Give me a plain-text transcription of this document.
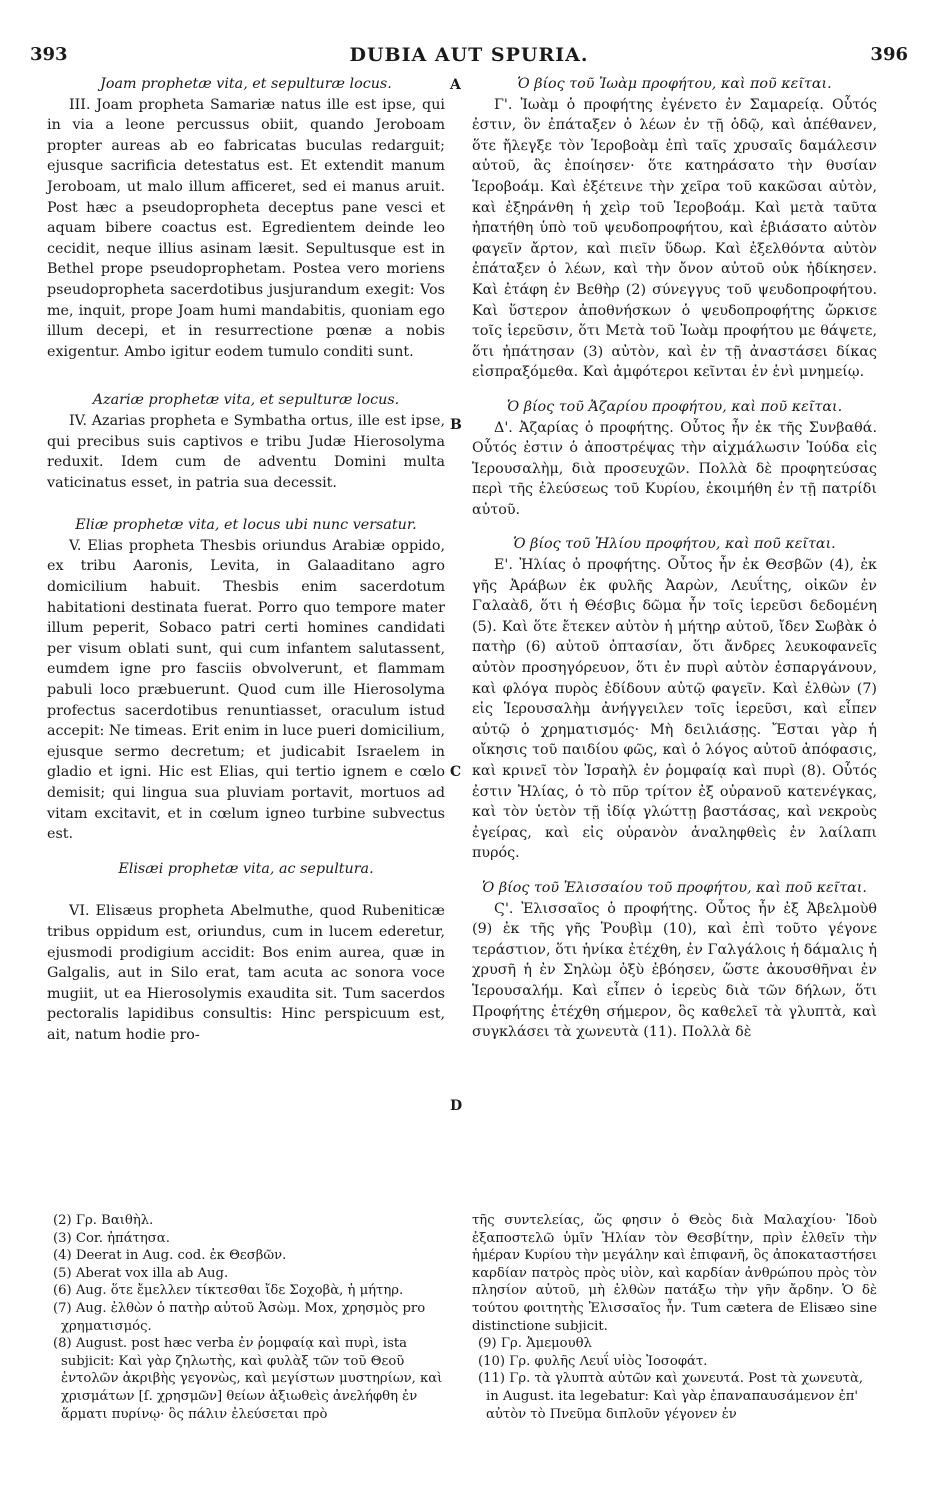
393	DUBIA AUT SPURIA.	396
A
B
C
D
Joam prophetæ vita, et sepulturæ locus.

III. Joam propheta Samariæ natus ille est ipse, qui in via a leone percussus obiit, quando Jeroboam propter aureas ab eo fabricatas buculas redarguit; ejusque sacrificia detestatus est. Et extendit manum Jeroboam, ut malo illum afficeret, sed ei manus aruit. Post hæc a pseudopropheta deceptus pane vesci et aquam bibere coactus est. Egredientem deinde leo cecidit, neque illius asinam læsit. Sepultusque est in Bethel prope pseudoprophetam. Postea vero moriens pseudopropheta sacerdotibus jusjurandum exegit: Vos me, inquit, prope Joam humi mandabitis, quoniam ego illum decepi, et in resurrectione pœnæ a nobis exigentur. Ambo igitur eodem tumulo conditi sunt.

Azariæ prophetæ vita, et sepulturæ locus.

IV. Azarias propheta e Symbatha ortus, ille est ipse, qui precibus suis captivos e tribu Judæ Hierosolyma reduxit. Idem cum de adventu Domini multa vaticinatus esset, in patria sua decessit.

Eliæ prophetæ vita, et locus ubi nunc versatur.

V. Elias propheta Thesbis oriundus Arabiæ oppido, ex tribu Aaronis, Levita, in Galaaditano agro domicilium habuit. Thesbis enim sacerdotum habitationi destinata fuerat. Porro quo tempore mater illum peperit, Sobaco patri certi homines candidati per visum oblati sunt, qui cum infantem salutassent, eumdem igne pro fasciis obvolverunt, et flammam pabuli loco præbuerunt. Quod cum ille Hierosolyma profectus sacerdotibus renuntiasset, oraculum istud accepit: Ne timeas. Erit enim in luce pueri domicilium, ejusque sermo decretum; et judicabit Israelem in gladio et igni. Hic est Elias, qui tertio ignem e cœlo demisit; qui lingua sua pluviam portavit, mortuos ad vitam excitavit, et in cœlum igneo turbine subvectus est.

Elisæi prophetæ vita, ac sepultura.

VI. Elisæus propheta Abelmuthe, quod Rubeniticæ tribus oppidum est, oriundus, cum in lucem ederetur, ejusmodi prodigium accidit: Bos enim aurea, quæ in Galgalis, aut in Silo erat, tam acuta ac sonora voce mugiit, ut ea Hierosolymis exaudita sit. Tum sacerdos pectoralis lapidibus consultis: Hinc perspicuum est, ait, natum hodie pro-

Ὁ βίος τοῦ Ἰωὰμ προφήτου, καὶ ποῦ κεῖται.

Γ'. Ἰωὰμ ὁ προφήτης ἐγένετο ἐν Σαμαρείᾳ. Οὗτός ἐστιν, ὃν ἐπάταξεν ὁ λέων ἐν τῇ ὁδῷ, καὶ ἀπέθανεν, ὅτε ἤλεγξε τὸν Ἱεροβοὰμ ἐπὶ ταῖς χρυσαῖς δαμάλεσιν αὐτοῦ, ἃς ἐποίησεν· ὅτε κατηράσατο τὴν θυσίαν Ἱεροβοάμ. Καὶ ἐξέτεινε τὴν χεῖρα τοῦ κακῶσαι αὐτὸν, καὶ ἐξηράνθη ἡ χεὶρ τοῦ Ἱεροβοάμ. Καὶ μετὰ ταῦτα ἠπατήθη ὑπὸ τοῦ ψευδοπροφήτου, καὶ ἐβιάσατο αὐτὸν φαγεῖν ἄρτον, καὶ πιεῖν ὕδωρ. Καὶ ἐξελθόντα αὐτὸν ἐπάταξεν ὁ λέων, καὶ τὴν ὄνον αὐτοῦ οὐκ ἠδίκησεν. Καὶ ἐτάφη ἐν Βεθὴρ (2) σύνεγγυς τοῦ ψευδοπροφήτου. Καὶ ὕστερον ἀποθνήσκων ὁ ψευδοπροφήτης ὤρκισε τοῖς ἱερεῦσιν, ὅτι Μετὰ τοῦ Ἰωὰμ προφήτου με θάψετε, ὅτι ἠπάτησαν (3) αὐτὸν, καὶ ἐν τῇ ἀναστάσει δίκας εἰσπραξόμεθα. Καὶ ἀμφότεροι κεῖνται ἐν ἑνὶ μνημείῳ.

Ὁ βίος τοῦ Ἀζαρίου προφήτου, καὶ ποῦ κεῖται.

Δ'. Ἀζαρίας ὁ προφήτης. Οὗτος ἦν ἐκ τῆς Συνβαθά. Οὗτός ἐστιν ὁ ἀποστρέψας τὴν αἰχμάλωσιν Ἰούδα εἰς Ἱερουσαλὴμ, διὰ προσευχῶν. Πολλὰ δὲ προφητεύσας περὶ τῆς ἐλεύσεως τοῦ Κυρίου, ἐκοιμήθη ἐν τῇ πατρίδι αὐτοῦ.

Ὁ βίος τοῦ Ἠλίου προφήτου, καὶ ποῦ κεῖται.

Ε'. Ἠλίας ὁ προφήτης. Οὗτος ἦν ἐκ Θεσβῶν (4), ἐκ γῆς Ἀράβων ἐκ φυλῆς Ἀαρὼν, Λευΐτης, οἰκῶν ἐν Γαλαὰδ, ὅτι ἡ Θέσβις δῶμα ἦν τοῖς ἱερεῦσι δεδομένη (5). Καὶ ὅτε ἔτεκεν αὐτὸν ἡ μήτηρ αὐτοῦ, ἴδεν Σωβὰκ ὁ πατὴρ (6) αὐτοῦ ὀπτασίαν, ὅτι ἄνδρες λευκοφανεῖς αὐτὸν προσηγόρευον, ὅτι ἐν πυρὶ αὐτὸν ἐσπαργάνουν, καὶ φλόγα πυρὸς ἐδίδουν αὐτῷ φαγεῖν. Καὶ ἐλθὼν (7) εἰς Ἱερουσαλὴμ ἀνήγγειλεν τοῖς ἱερεῦσι, καὶ εἶπεν αὐτῷ ὁ χρηματισμός· Μὴ δειλιάσῃς. Ἔσται γὰρ ἡ οἴκησις τοῦ παιδίου φῶς, καὶ ὁ λόγος αὐτοῦ ἀπόφασις, καὶ κρινεῖ τὸν Ἰσραὴλ ἐν ῥομφαίᾳ καὶ πυρὶ (8). Οὗτός ἐστιν Ἠλίας, ὁ τὸ πῦρ τρίτον ἐξ οὐρανοῦ κατενέγκας, καὶ τὸν ὑετὸν τῇ ἰδίᾳ γλώττῃ βαστάσας, καὶ νεκροὺς ἐγείρας, καὶ εἰς οὐρανὸν ἀναληφθεὶς ἐν λαίλαπι πυρός.

Ὁ βίος τοῦ Ἐλισσαίου τοῦ προφήτου, καὶ ποῦ κεῖται.

Ϛ'. Ἐλισσαῖος ὁ προφήτης. Οὗτος ἦν ἐξ Ἀβελμοὺθ (9) ἐκ τῆς γῆς Ῥουβὶμ (10), καὶ ἐπὶ τοῦτο γέγονε τεράστιον, ὅτι ἡνίκα ἐτέχθη, ἐν Γαλγάλοις ἡ δάμαλις ἡ χρυσῆ ἡ ἐν Σηλὼμ ὀξὺ ἐβόησεν, ὥστε ἀκουσθῆναι ἐν Ἱερουσαλήμ. Καὶ εἶπεν ὁ ἱερεὺς διὰ τῶν δήλων, ὅτι Προφήτης ἐτέχθη σήμερον, ὃς καθελεῖ τὰ γλυπτὰ, καὶ συγκλάσει τὰ χωνευτὰ (11). Πολλὰ δὲ

(2) Γρ. Βαιθὴλ.
(3) Cor. ἠπάτησα.
(4) Deerat in Aug. cod. ἐκ Θεσβῶν.
(5) Aberat vox illa ab Aug.
(6) Aug. ὅτε ἔμελλεν τίκτεσθαι ἴδε Σοχοβὰ, ἡ μήτηρ.
(7) Aug. ἐλθὼν ὁ πατὴρ αὐτοῦ Ἀσὼμ. Mox, χρησμὸς pro χρηματισμός.
(8) August. post hæc verba ἐν ῥομφαίᾳ καὶ πυρὶ, ista subjicit: Καὶ γὰρ ζηλωτὴς, καὶ φυλὰξ τῶν τοῦ Θεοῦ ἐντολῶν ἀκριβὴς γεγονὼς, καὶ μεγίστων μυστηρίων, καὶ χρισμάτων [ſ. χρησμῶν] θείων ἀξιωθεὶς ἀνελήφθη ἐν ἅρματι πυρίνῳ· ὃς πάλιν ἐλεύσεται πρὸ
τῆς συντελείας, ὥς φησιν ὁ Θεὸς διὰ Μαλαχίου· Ἰδοὺ ἐξαποστελῶ ὑμῖν Ἠλίαν τὸν Θεσβίτην, πρὶν ἐλθεῖν τὴν ἡμέραν Κυρίου τὴν μεγάλην καὶ ἐπιφανῆ, ὃς ἀποκαταστήσει καρδίαν πατρὸς πρὸς υἱὸν, καὶ καρδίαν ἀνθρώπου πρὸς τὸν πλησίον αὐτοῦ, μὴ ἐλθὼν πατάξω τὴν γῆν ἄρδην. Ὁ δὲ τούτου φοιτητὴς Ἐλισσαῖος ἦν. Tum cætera de Elisæo sine distinctione subjicit.
(9) Γρ. Ἀμεμουθλ
(10) Γρ. φυλῆς Λευΐ υἱὸς Ἰοσοφάτ.
(11) Γρ. τὰ γλυπτὰ αὐτῶν καὶ χωνευτά. Post τὰ χωνευτὰ, in August. ita legebatur: Καὶ γὰρ ἐπαναπαυσάμενον ἐπ' αὐτὸν τὸ Πνεῦμα διπλοῦν γέγονεν ἐν
